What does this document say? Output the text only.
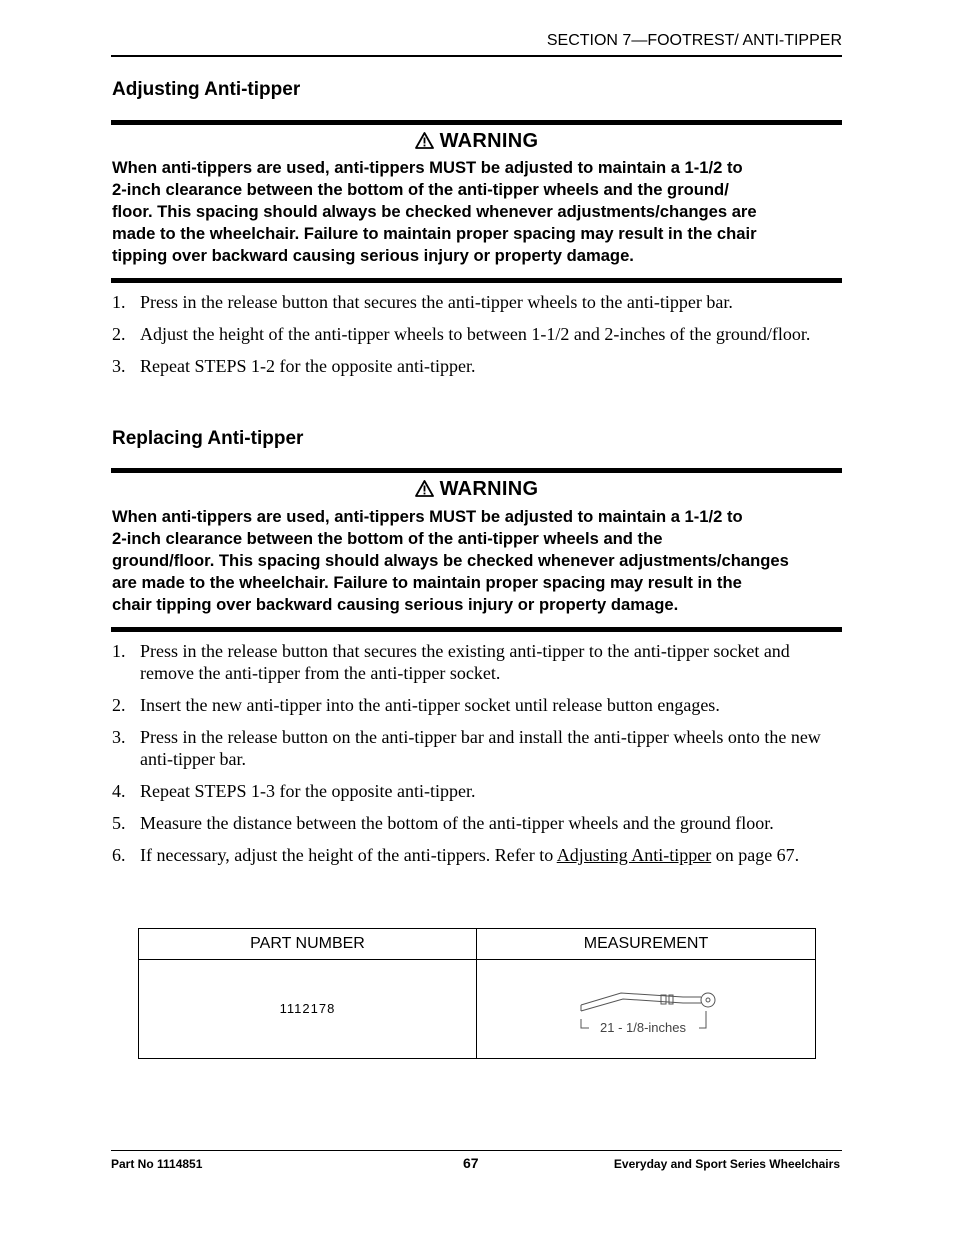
SECTION 7—FOOTREST/ ANTI-TIPPER
Adjusting Anti-tipper
WARNING
When anti-tippers are used, anti-tippers MUST be adjusted to maintain a 1-1/2 to
2-inch clearance between the bottom of the anti-tipper wheels and the ground/
floor. This spacing should always be checked whenever adjustments/changes are
made to the wheelchair. Failure to maintain proper spacing may result in the chair
tipping over backward causing serious injury or property damage.
1. Press in the release button that secures the anti-tipper wheels to the anti-tipper bar.
2. Adjust the height of the anti-tipper wheels to between 1-1/2 and 2-inches of the ground/floor.
3. Repeat STEPS 1-2 for the opposite anti-tipper.
Replacing Anti-tipper
WARNING
When anti-tippers are used, anti-tippers MUST be adjusted to maintain a 1-1/2 to
2-inch clearance between the bottom of the anti-tipper wheels and the
ground/floor. This spacing should always be checked whenever adjustments/changes
are made to the wheelchair. Failure to maintain proper spacing may result in the
chair tipping over backward causing serious injury or property damage.
1. Press in the release button that secures the existing anti-tipper to the anti-tipper socket and remove the anti-tipper from the anti-tipper socket.
2. Insert the new anti-tipper into the anti-tipper socket until release button engages.
3. Press in the release button on the anti-tipper bar and install the anti-tipper wheels onto the new anti-tipper bar.
4. Repeat STEPS 1-3 for the opposite anti-tipper.
5. Measure the distance between the bottom of the anti-tipper wheels and the ground floor.
6. If necessary, adjust the height of the anti-tippers. Refer to Adjusting Anti-tipper on page 67.
PART NUMBER	MEASUREMENT
1112178	21 - 1/8-inches
Part No 1114851	67	Everyday and Sport Series Wheelchairs
